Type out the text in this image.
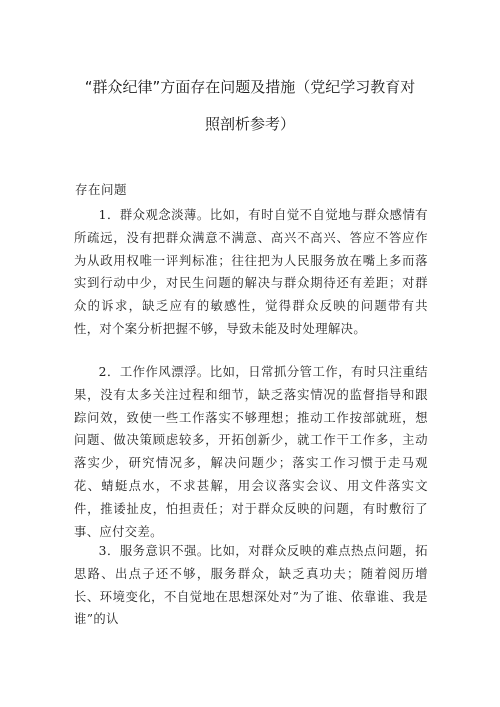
“群众纪律”方面存在问题及措施（党纪学习教育对
照剖析参考）
存在问题

1．群众观念淡薄。比如，有时自觉不自觉地与群众感情有所疏远，没有把群众满意不满意、高兴不高兴、答应不答应作为从政用权唯一评判标准；往往把为人民服务放在嘴上多而落实到行动中少，对民生问题的解决与群众期待还有差距；对群众的诉求，缺乏应有的敏感性，觉得群众反映的问题带有共性，对个案分析把握不够，导致未能及时处理解决。

2．工作作风漂浮。比如，日常抓分管工作，有时只注重结果，没有太多关注过程和细节，缺乏落实情况的监督指导和跟踪问效，致使一些工作落实不够理想；推动工作按部就班，想问题、做决策顾虑较多，开拓创新少，就工作干工作多，主动落实少，研究情况多，解决问题少；落实工作习惯于走马观花、蜻蜓点水，不求甚解，用会议落实会议、用文件落实文件，推诿扯皮，怕担责任；对于群众反映的问题，有时敷衍了事、应付交差。

3．服务意识不强。比如，对群众反映的难点热点问题，拓思路、出点子还不够，服务群众，缺乏真功夫；随着阅历增长、环境变化，不自觉地在思想深处对”为了谁、依靠谁、我是谁”的认
